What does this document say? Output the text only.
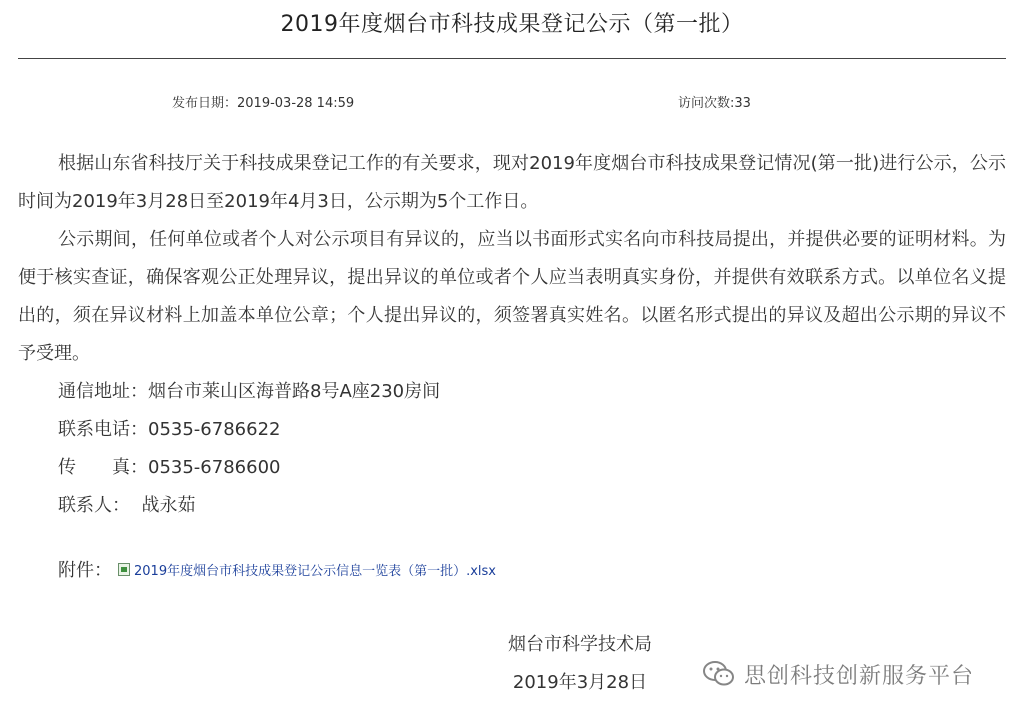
2019年度烟台市科技成果登记公示（第一批）
发布日期：2019-03-28 14:59	访问次数:33

根据山东省科技厅关于科技成果登记工作的有关要求，现对2019年度烟台市科技成果登记情况(第一批)进行公示，公示时间为2019年3月28日至2019年4月3日，公示期为5个工作日。

公示期间，任何单位或者个人对公示项目有异议的，应当以书面形式实名向市科技局提出，并提供必要的证明材料。为便于核实查证，确保客观公正处理异议，提出异议的单位或者个人应当表明真实身份，并提供有效联系方式。以单位名义提出的，须在异议材料上加盖本单位公章；个人提出异议的，须签署真实姓名。以匿名形式提出的异议及超出公示期的异议不予受理。

通信地址：烟台市莱山区海普路8号A座230房间

联系电话：0535-6786622

传　　真：0535-6786600

联系人： 战永茹

附件： 2019年度烟台市科技成果登记公示信息一览表（第一批）.xlsx
烟台市科学技术局
2019年3月28日	思创科技创新服务平台
